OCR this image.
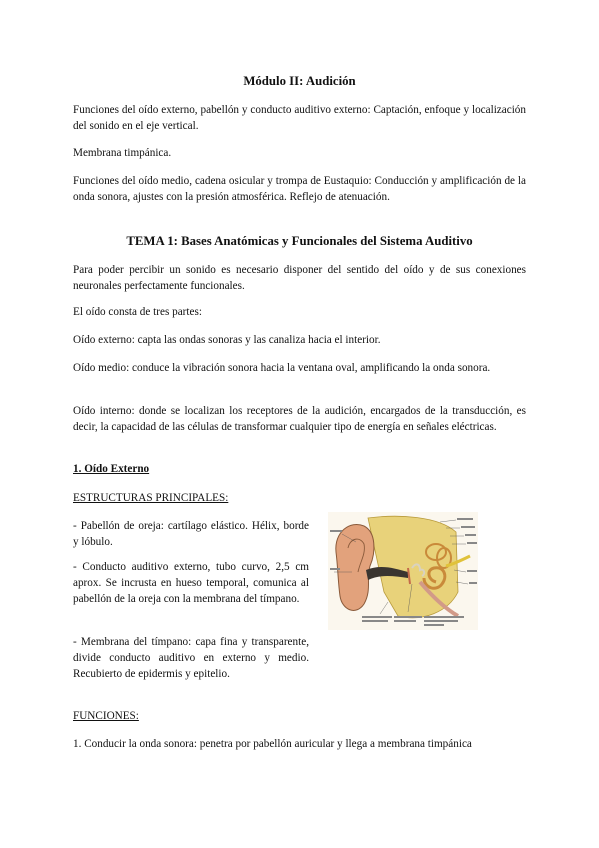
Módulo II: Audición

Funciones del oído externo, pabellón y conducto auditivo externo: Captación, enfoque y localización del sonido en el eje vertical.

Membrana timpánica.

Funciones del oído medio, cadena osicular y trompa de Eustaquio: Conducción y amplificación de la onda sonora, ajustes con la presión atmosférica. Reflejo de atenuación.

TEMA 1: Bases Anatómicas y Funcionales del Sistema Auditivo

Para poder percibir un sonido es necesario disponer del sentido del oído y de sus conexiones neuronales perfectamente funcionales.

El oído consta de tres partes:

Oído externo: capta las ondas sonoras y las canaliza hacia el interior.

Oído medio: conduce la vibración sonora hacia la ventana oval, amplificando la onda sonora.

Oído interno: donde se localizan los receptores de la audición, encargados de la transducción, es decir, la capacidad de las células de transformar cualquier tipo de energía en señales eléctricas.

1. Oído Externo
ESTRUCTURAS PRINCIPALES:

- Pabellón de oreja: cartílago elástico. Hélix, borde y lóbulo.

- Conducto auditivo externo, tubo curvo, 2,5 cm aprox. Se incrusta en hueso temporal, comunica al pabellón de la oreja con la membrana del tímpano.

- Membrana del tímpano: capa fina y transparente, divide conducto auditivo en externo y medio. Recubierto de epidermis y epitelio.

FUNCIONES:

1. Conducir la onda sonora: penetra por pabellón auricular y llega a membrana timpánica
